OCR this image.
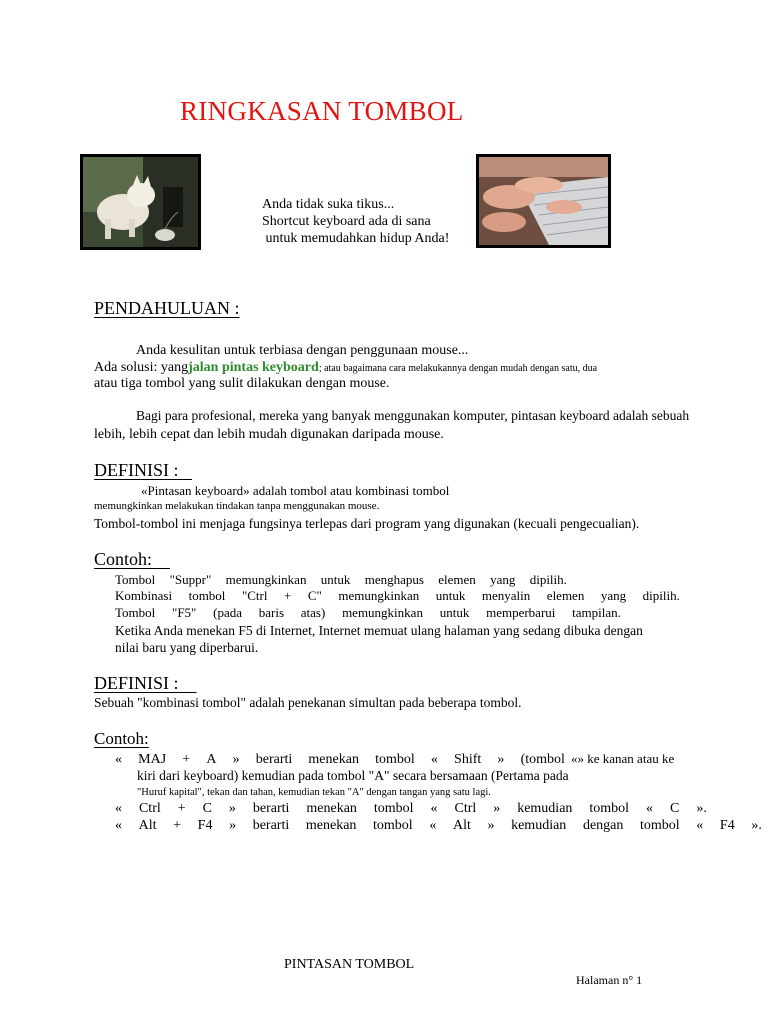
RINGKASAN TOMBOL
Anda tidak suka tikus...
Shortcut keyboard ada di sana
untuk memudahkan hidup Anda!
PENDAHULUAN :
Anda kesulitan untuk terbiasa dengan penggunaan mouse...
Ada solusi: yangjalan pintas keyboard; atau bagaimana cara melakukannya dengan mudah dengan satu, dua
atau tiga tombol yang sulit dilakukan dengan mouse.
Bagi para profesional, mereka yang banyak menggunakan komputer, pintasan keyboard adalah sebuah
lebih, lebih cepat dan lebih mudah digunakan daripada mouse.
DEFINISI :
«Pintasan keyboard» adalah tombol atau kombinasi tombol
memungkinkan melakukan tindakan tanpa menggunakan mouse.
Tombol-tombol ini menjaga fungsinya terlepas dari program yang digunakan (kecuali pengecualian).
Contoh:
Tombol "Suppr" memungkinkan untuk menghapus elemen yang dipilih.
Kombinasi tombol "Ctrl + C" memungkinkan untuk menyalin elemen yang dipilih.
Tombol "F5" (pada baris atas) memungkinkan untuk memperbarui tampilan.
Ketika Anda menekan F5 di Internet, Internet memuat ulang halaman yang sedang dibuka dengan
nilai baru yang diperbarui.
DEFINISI :
Sebuah "kombinasi tombol" adalah penekanan simultan pada beberapa tombol.
Contoh:
« MAJ + A » berarti menekan tombol « Shift » (tombol «» ke kanan atau ke
kiri dari keyboard) kemudian pada tombol "A" secara bersamaan (Pertama pada
"Huruf kapital", tekan dan tahan, kemudian tekan "A" dengan tangan yang satu lagi.
« Ctrl + C » berarti menekan tombol « Ctrl » kemudian tombol « C ».
« Alt + F4 » berarti menekan tombol « Alt » kemudian dengan tombol « F4 ».
PINTASAN TOMBOL
Halaman n° 1
